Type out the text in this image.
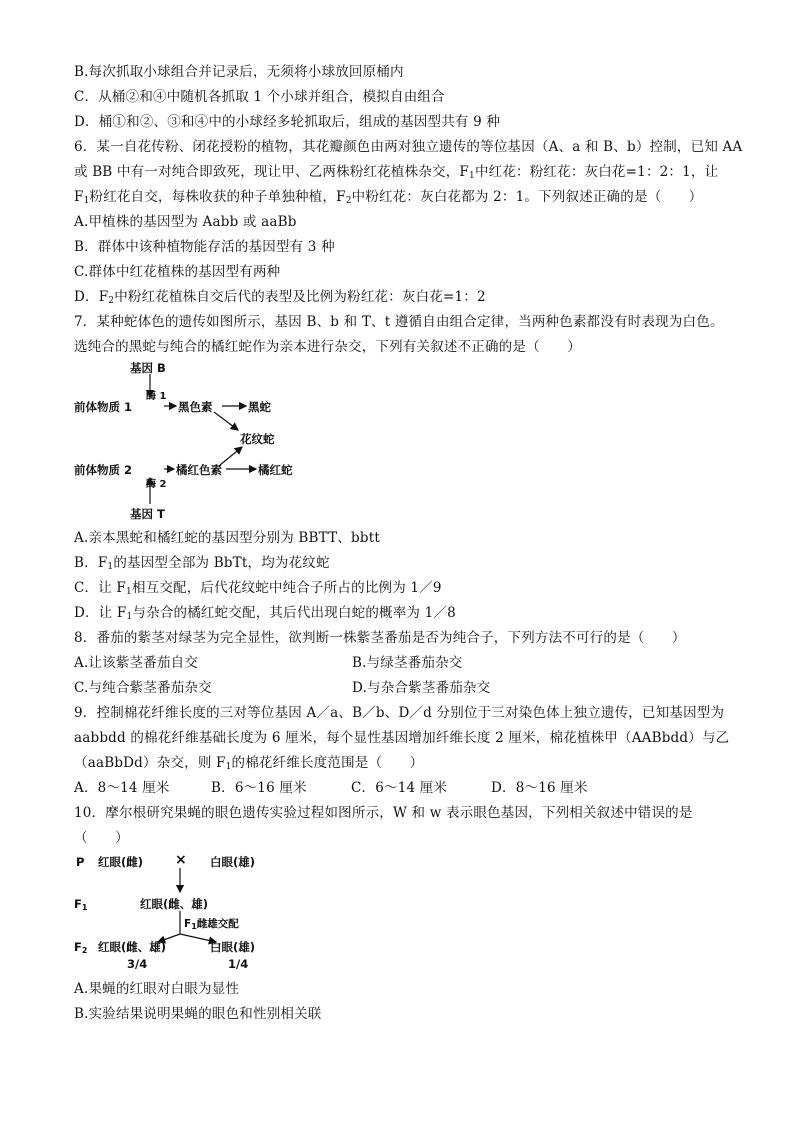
B.每次抓取小球组合并记录后，无须将小球放回原桶内
C．从桶②和④中随机各抓取 1 个小球并组合，模拟自由组合
D．桶①和②、③和④中的小球经多轮抓取后，组成的基因型共有 9 种
6．某一自花传粉、闭花授粉的植物，其花瓣颜色由两对独立遗传的等位基因（A、a 和 B、b）控制，已知 AA
或 BB 中有一对纯合即致死，现让甲、乙两株粉红花植株杂交，$F_1$中红花：粉红花：灰白花=1：2：1，让
$F_1$粉红花自交，每株收获的种子单独种植，$F_2$中粉红花：灰白花都为 2：1。下列叙述正确的是（　　）
A.甲植株的基因型为 Aabb 或 aaBb
B．群体中该种植物能存活的基因型有 3 种
C.群体中红花植株的基因型有两种
D．$F_2$中粉红花植株自交后代的表型及比例为粉红花：灰白花=1：2
7．某种蛇体色的遗传如图所示，基因 B、b 和 T、t 遵循自由组合定律，当两种色素都没有时表现为白色。
选纯合的黑蛇与纯合的橘红蛇作为亲本进行杂交，下列有关叙述不正确的是（　　）
基因 B
酶 1
前体物质 1	黑色素	黑蛇
花纹蛇
前体物质 2	橘红色素	橘红蛇
酶 2
基因 T
A.亲本黑蛇和橘红蛇的基因型分别为 BBTT、bbtt
B．$F_1$的基因型全部为 BbTt，均为花纹蛇
C．让 $F_1$相互交配，后代花纹蛇中纯合子所占的比例为 1／9
D．让 $F_1$与杂合的橘红蛇交配，其后代出现白蛇的概率为 1／8
8．番茄的紫茎对绿茎为完全显性，欲判断一株紫茎番茄是否为纯合子，下列方法不可行的是（　　）
A.让该紫茎番茄自交	B.与绿茎番茄杂交
C.与纯合紫茎番茄杂交	D.与杂合紫茎番茄杂交
9．控制棉花纤维长度的三对等位基因 A／a、B／b、D／d 分别位于三对染色体上独立遗传，已知基因型为
aabbdd 的棉花纤维基础长度为 6 厘米，每个显性基因增加纤维长度 2 厘米，棉花植株甲（AABbdd）与乙
（aaBbDd）杂交，则 $F_1$的棉花纤维长度范围是（　　）
A．8～14 厘米	B．6～16 厘米	C．6～14 厘米	D．8～16 厘米
10．摩尔根研究果蝇的眼色遗传实验过程如图所示，W 和 w 表示眼色基因，下列相关叙述中错误的是
（　　）
P 红眼(雌) × 白眼(雄)
$F_1$	红眼(雌、雄)
$F_1$雌雄交配
$F_2$ 红眼(雌、雄)	白眼(雄)
3/4	1/4
A.果蝇的红眼对白眼为显性
B.实验结果说明果蝇的眼色和性别相关联
